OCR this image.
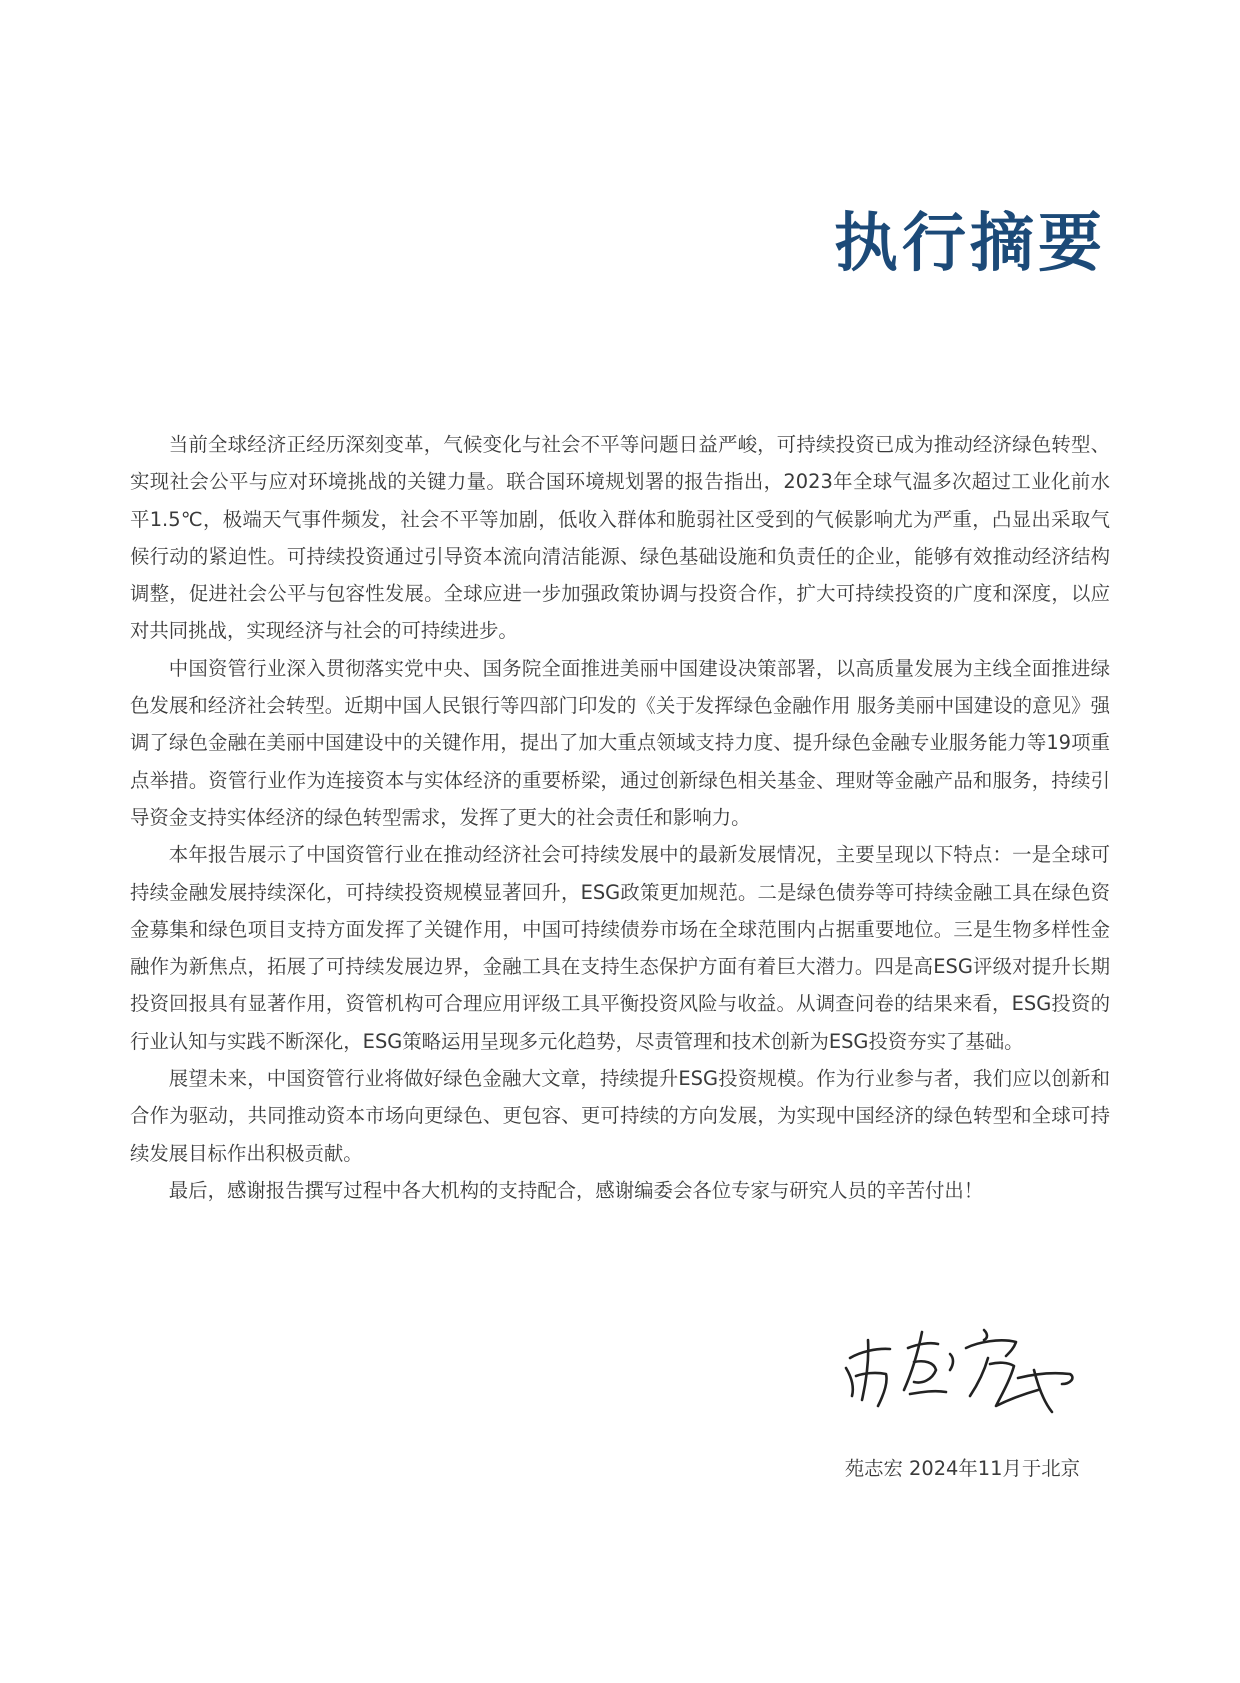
执行摘要

当前全球经济正经历深刻变革，气候变化与社会不平等问题日益严峻，可持续投资已成为推动经济绿色转型、实现社会公平与应对环境挑战的关键力量。联合国环境规划署的报告指出，2023年全球气温多次超过工业化前水平1.5℃，极端天气事件频发，社会不平等加剧，低收入群体和脆弱社区受到的气候影响尤为严重，凸显出采取气候行动的紧迫性。可持续投资通过引导资本流向清洁能源、绿色基础设施和负责任的企业，能够有效推动经济结构调整，促进社会公平与包容性发展。全球应进一步加强政策协调与投资合作，扩大可持续投资的广度和深度，以应对共同挑战，实现经济与社会的可持续进步。

中国资管行业深入贯彻落实党中央、国务院全面推进美丽中国建设决策部署，以高质量发展为主线全面推进绿色发展和经济社会转型。近期中国人民银行等四部门印发的《关于发挥绿色金融作用 服务美丽中国建设的意见》强调了绿色金融在美丽中国建设中的关键作用，提出了加大重点领域支持力度、提升绿色金融专业服务能力等19项重点举措。资管行业作为连接资本与实体经济的重要桥梁，通过创新绿色相关基金、理财等金融产品和服务，持续引导资金支持实体经济的绿色转型需求，发挥了更大的社会责任和影响力。

本年报告展示了中国资管行业在推动经济社会可持续发展中的最新发展情况，主要呈现以下特点：一是全球可持续金融发展持续深化，可持续投资规模显著回升，ESG政策更加规范。二是绿色债券等可持续金融工具在绿色资金募集和绿色项目支持方面发挥了关键作用，中国可持续债券市场在全球范围内占据重要地位。三是生物多样性金融作为新焦点，拓展了可持续发展边界，金融工具在支持生态保护方面有着巨大潜力。四是高ESG评级对提升长期投资回报具有显著作用，资管机构可合理应用评级工具平衡投资风险与收益。从调查问卷的结果来看，ESG投资的行业认知与实践不断深化，ESG策略运用呈现多元化趋势，尽责管理和技术创新为ESG投资夯实了基础。

展望未来，中国资管行业将做好绿色金融大文章，持续提升ESG投资规模。作为行业参与者，我们应以创新和合作为驱动，共同推动资本市场向更绿色、更包容、更可持续的方向发展，为实现中国经济的绿色转型和全球可持续发展目标作出积极贡献。

最后，感谢报告撰写过程中各大机构的支持配合，感谢编委会各位专家与研究人员的辛苦付出！

苑志宏 2024年11月于北京
